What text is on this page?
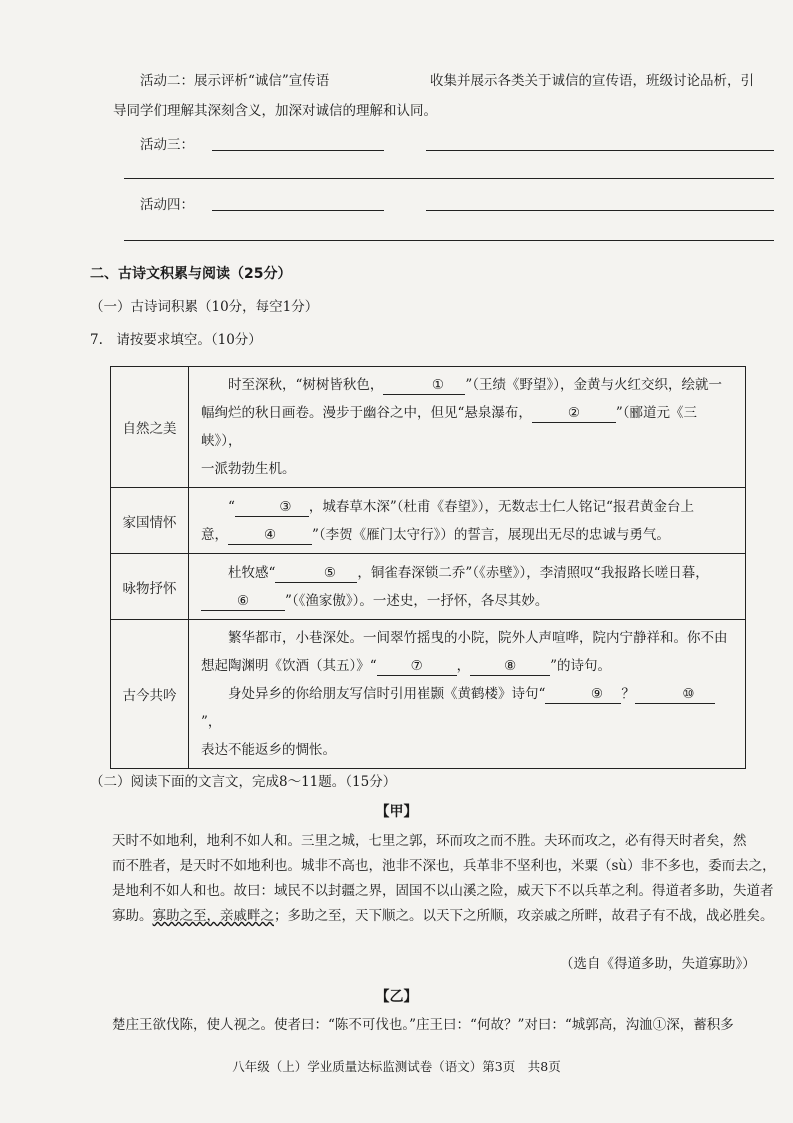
活动二：展示评析“诚信”宣传语	收集并展示各类关于诚信的宣传语，班级讨论品析，引
导同学们理解其深刻含义，加深对诚信的理解和认同。
活动三：
活动四：
二、古诗文积累与阅读（25分）
（一）古诗词积累（10分，每空1分）
7.　请按要求填空。（10分）
自然之美	时至深秋，“树树皆秋色， ① ”（王绩《野望》），金黄与火红交织，绘就一

幅绚烂的秋日画卷。漫步于幽谷之中，但见“悬泉瀑布， ② ”（郦道元《三峡》），

一派勃勃生机。

家国情怀	“ ③ ，城春草木深”（杜甫《春望》），无数志士仁人铭记“报君黄金台上

意， ④ ”（李贺《雁门太守行》）的誓言，展现出无尽的忠诚与勇气。

咏物抒怀	杜牧感“ ⑤ ，铜雀春深锁二乔”（《赤壁》），李清照叹“我报路长嗟日暮，

⑥ ”（《渔家傲》）。一述史，一抒怀，各尽其妙。

古今共吟	繁华都市，小巷深处。一间翠竹摇曳的小院，院外人声喧哗，院内宁静祥和。你不由

想起陶渊明《饮酒（其五）》“ ⑦ ， ⑧ ”的诗句。

身处异乡的你给朋友写信时引用崔颢《黄鹤楼》诗句“ ⑨ ？ ⑩”，

表达不能返乡的惆怅。

（二）阅读下面的文言文，完成8～11题。（15分）
【甲】
天时不如地利，地利不如人和。三里之城，七里之郭，环而攻之而不胜。夫环而攻之，必有得天时者矣，然
而不胜者，是天时不如地利也。城非不高也，池非不深也，兵革非不坚利也，米粟（sù）非不多也，委而去之，
是地利不如人和也。故曰：域民不以封疆之界，固国不以山溪之险，威天下不以兵革之利。得道者多助，失道者
寡助。寡助之至，亲戚畔之；多助之至，天下顺之。以天下之所顺，攻亲戚之所畔，故君子有不战，战必胜矣。
（选自《得道多助，失道寡助》）
【乙】
楚庄王欲伐陈，使人视之。使者曰：“陈不可伐也。”庄王曰：“何故？”对曰：“城郭高，沟洫①深，蓄积多
八年级（上）学业质量达标监测试卷（语文）第3页　共8页
